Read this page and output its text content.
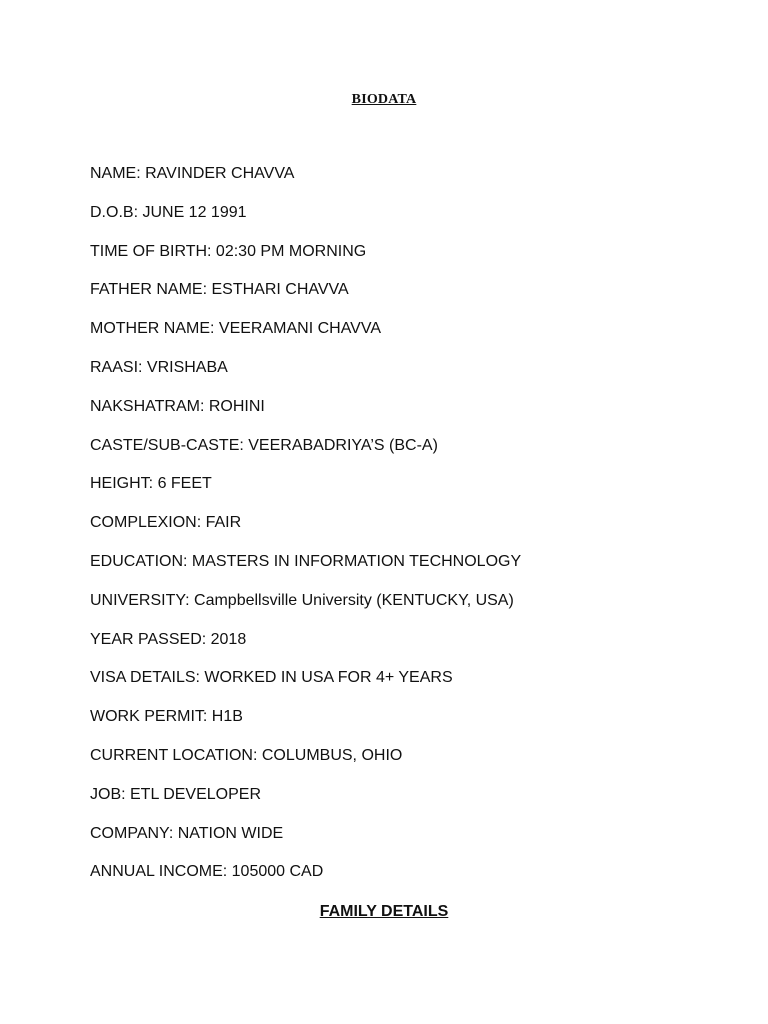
BIODATA
NAME: RAVINDER CHAVVA
D.O.B: JUNE 12 1991
TIME OF BIRTH: 02:30 PM MORNING
FATHER NAME: ESTHARI CHAVVA
MOTHER NAME: VEERAMANI CHAVVA
RAASI: VRISHABA
NAKSHATRAM: ROHINI
CASTE/SUB-CASTE: VEERABADRIYA’S (BC-A)
HEIGHT: 6 FEET
COMPLEXION: FAIR
EDUCATION: MASTERS IN INFORMATION TECHNOLOGY
UNIVERSITY: Campbellsville University (KENTUCKY, USA)
YEAR PASSED: 2018
VISA DETAILS: WORKED IN USA FOR 4+ YEARS
WORK PERMIT: H1B
CURRENT LOCATION: COLUMBUS, OHIO
JOB: ETL DEVELOPER
COMPANY: NATION WIDE
ANNUAL INCOME: 105000 CAD
FAMILY DETAILS
